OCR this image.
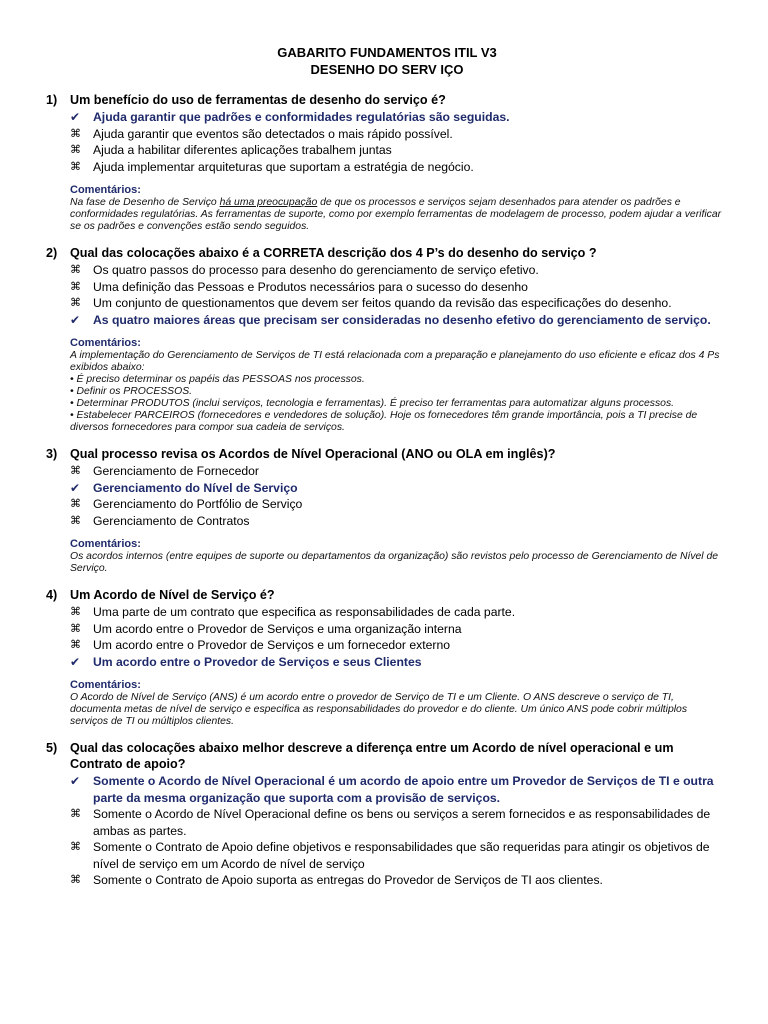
GABARITO FUNDAMENTOS ITIL V3
DESENHO DO SERV IÇO
1)	Um benefício do uso de ferramentas de desenho do serviço é?
✔	Ajuda garantir que padrões e conformidades regulatórias são seguidas.
⌘ Ajuda garantir que eventos são detectados o mais rápido possível.
⌘ Ajuda a habilitar diferentes aplicações trabalhem juntas
⌘ Ajuda implementar arquiteturas que suportam a estratégia de negócio.
Comentários:
Na fase de Desenho de Serviço há uma preocupação de que os processos e serviços sejam desenhados para atender os padrões e conformidades regulatórias. As ferramentas de suporte, como por exemplo ferramentas de modelagem de processo, podem ajudar a verificar se os padrões e convenções estão sendo seguidos.
2)	Qual das colocações abaixo é a CORRETA descrição dos 4 P’s do desenho do serviço ?
⌘ Os quatro passos do processo para desenho do gerenciamento de serviço efetivo.
⌘ Uma definição das Pessoas e Produtos necessários para o sucesso do desenho
⌘ Um conjunto de questionamentos que devem ser feitos quando da revisão das especificações do desenho.
✔	As quatro maiores áreas que precisam ser consideradas no desenho efetivo do gerenciamento de serviço.
Comentários:
A implementação do Gerenciamento de Serviços de TI está relacionada com a preparação e planejamento do uso eficiente e eficaz dos 4 Ps exibidos abaixo:
• É preciso determinar os papéis das PESSOAS nos processos.
• Definir os PROCESSOS.
• Determinar PRODUTOS (inclui serviços, tecnologia e ferramentas). É preciso ter ferramentas para automatizar alguns processos.
• Estabelecer PARCEIROS (fornecedores e vendedores de solução). Hoje os fornecedores têm grande importância, pois a TI precise de diversos fornecedores para compor sua cadeia de serviços.
3)	Qual processo revisa os Acordos de Nível Operacional (ANO ou OLA em inglês)?
⌘ Gerenciamento de Fornecedor
✔	Gerenciamento do Nível de Serviço
⌘ Gerenciamento do Portfólio de Serviço
⌘ Gerenciamento de Contratos
Comentários:
Os acordos internos (entre equipes de suporte ou departamentos da organização) são revistos pelo processo de Gerenciamento de Nível de Serviço.
4)	Um Acordo de Nível de Serviço é?
⌘ Uma parte de um contrato que especifica as responsabilidades de cada parte.
⌘ Um acordo entre o Provedor de Serviços e uma organização interna
⌘ Um acordo entre o Provedor de Serviços e um fornecedor externo
✔	Um acordo entre o Provedor de Serviços e seus Clientes
Comentários:
O Acordo de Nível de Serviço (ANS) é um acordo entre o provedor de Serviço de TI e um Cliente. O ANS descreve o serviço de TI, documenta metas de nível de serviço e especifica as responsabilidades do provedor e do cliente. Um único ANS pode cobrir múltiplos serviços de TI ou múltiplos clientes.
5)	Qual das colocações abaixo melhor descreve a diferença entre um Acordo de nível operacional e um Contrato de apoio?
✔	Somente o Acordo de Nível Operacional é um acordo de apoio entre um Provedor de Serviços de TI e outra parte da mesma organização que suporta com a provisão de serviços.
⌘ Somente o Acordo de Nível Operacional define os bens ou serviços a serem fornecidos e as responsabilidades de ambas as partes.
⌘ Somente o Contrato de Apoio define objetivos e responsabilidades que são requeridas para atingir os objetivos de nível de serviço em um Acordo de nível de serviço
⌘ Somente o Contrato de Apoio suporta as entregas do Provedor de Serviços de TI aos clientes.
